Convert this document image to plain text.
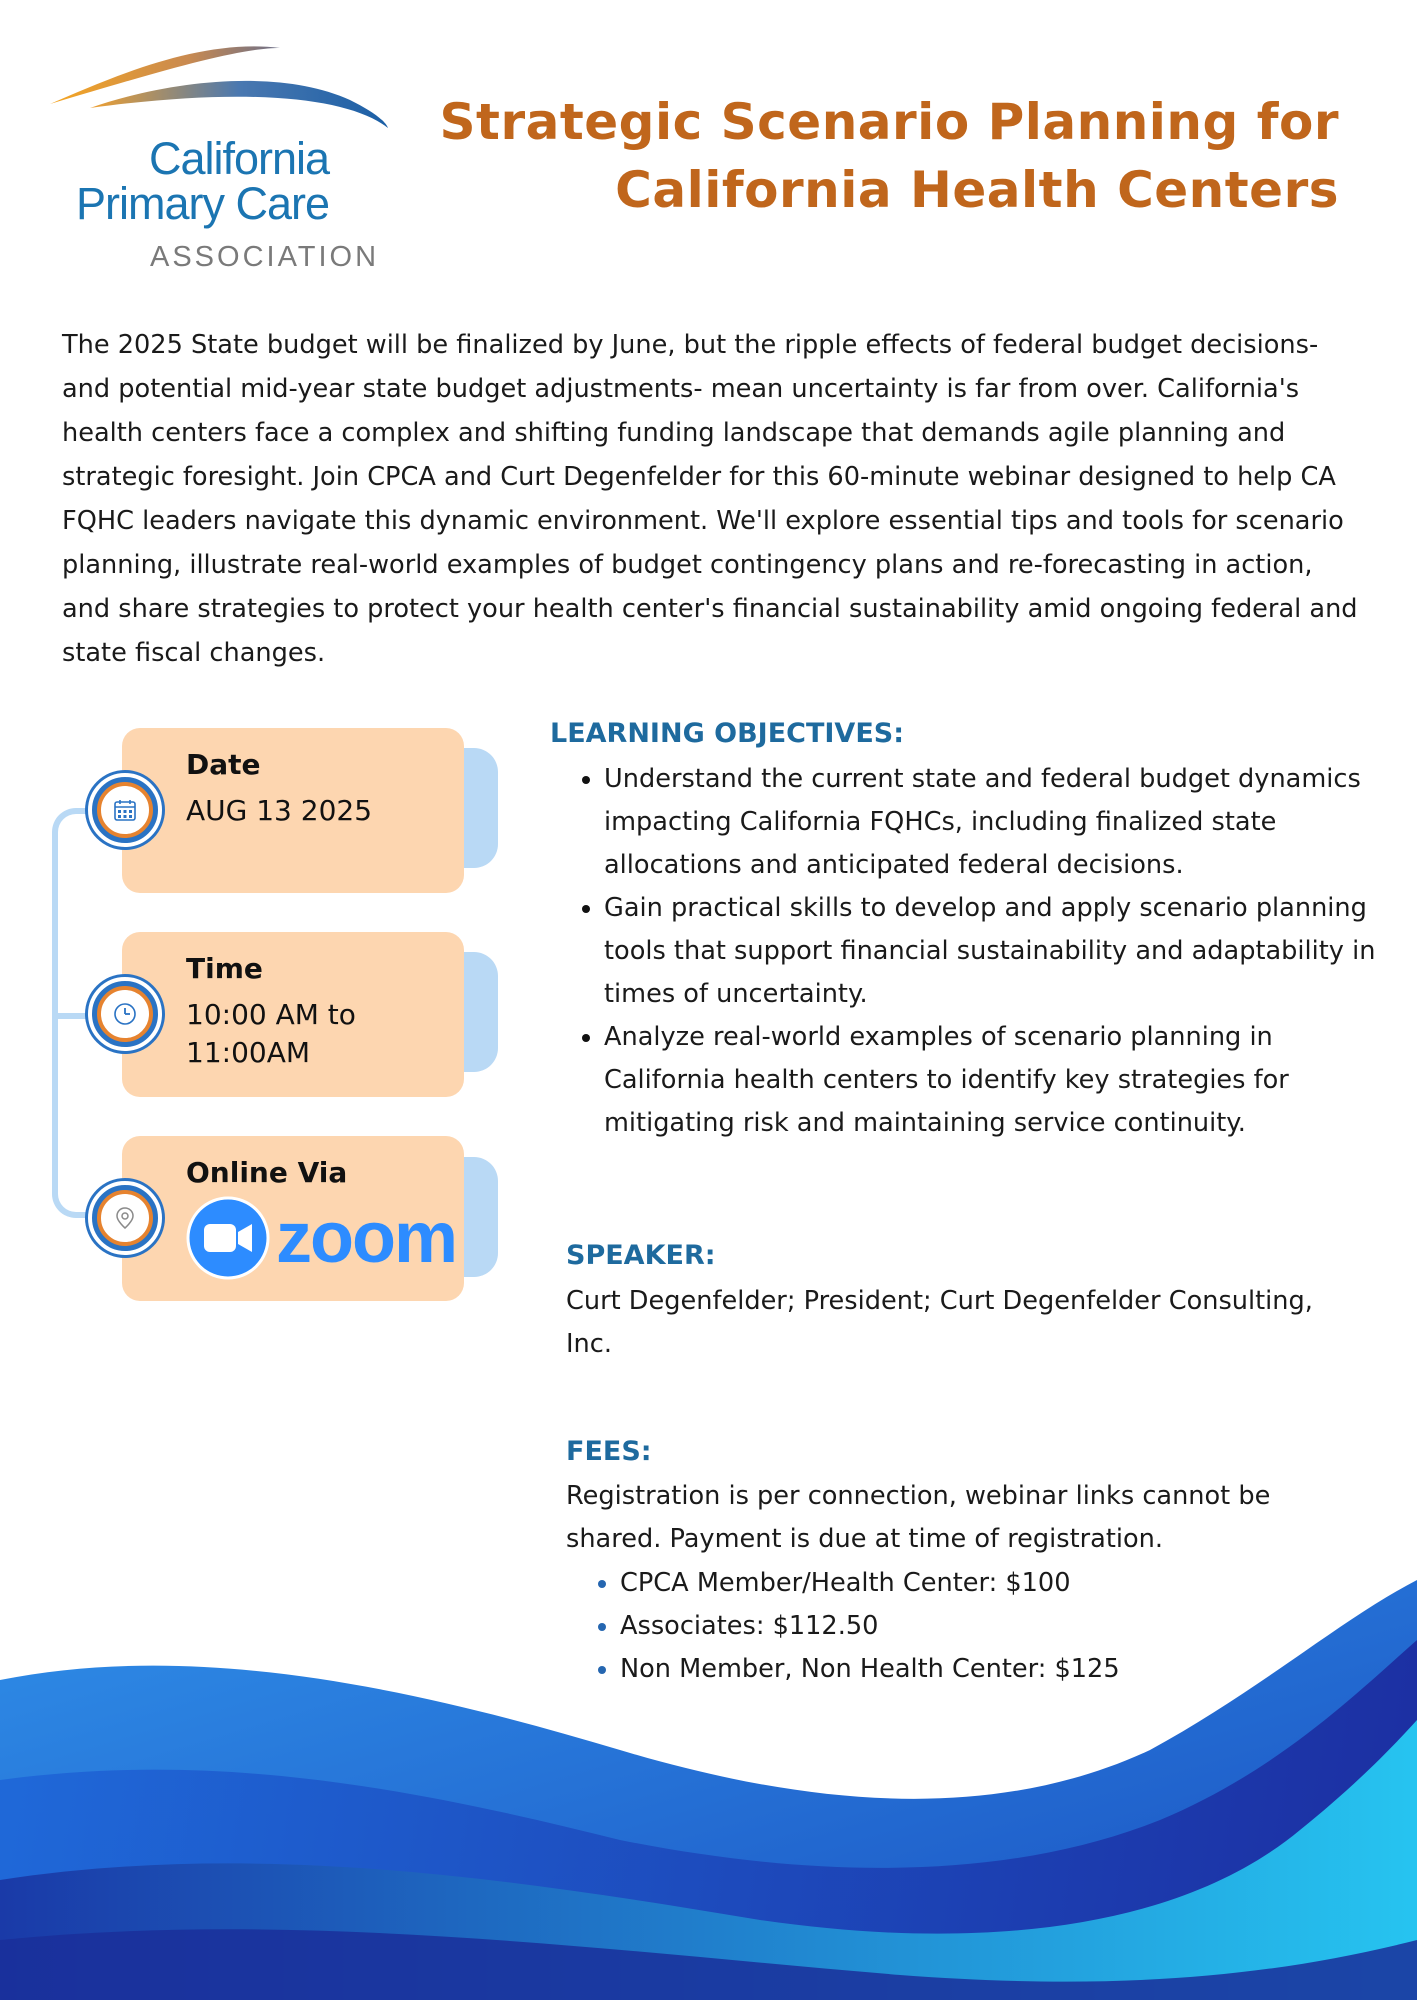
California
Primary Care
ASSOCIATION
Strategic Scenario Planning for
California Health Centers
The 2025 State budget will be finalized by June, but the ripple effects of federal budget decisions- and potential mid-year state budget adjustments- mean uncertainty is far from over. California's health centers face a complex and shifting funding landscape that demands agile planning and strategic foresight. Join CPCA and Curt Degenfelder for this 60-minute webinar designed to help CA FQHC leaders navigate this dynamic environment. We'll explore essential tips and tools for scenario planning, illustrate real-world examples of budget contingency plans and re-forecasting in action, and share strategies to protect your health center's financial sustainability amid ongoing federal and state fiscal changes.
Date
AUG 13 2025
Time
10:00 AM to
11:00AM
Online Via
zoom
LEARNING OBJECTIVES:
• Understand the current state and federal budget dynamics impacting California FQHCs, including finalized state allocations and anticipated federal decisions.
• Gain practical skills to develop and apply scenario planning tools that support financial sustainability and adaptability in times of uncertainty.
• Analyze real-world examples of scenario planning in California health centers to identify key strategies for mitigating risk and maintaining service continuity.
SPEAKER:
Curt Degenfelder; President; Curt Degenfelder Consulting, Inc.
FEES:
Registration is per connection, webinar links cannot be shared. Payment is due at time of registration.
• CPCA Member/Health Center: $100
• Associates: $112.50
• Non Member, Non Health Center: $125
